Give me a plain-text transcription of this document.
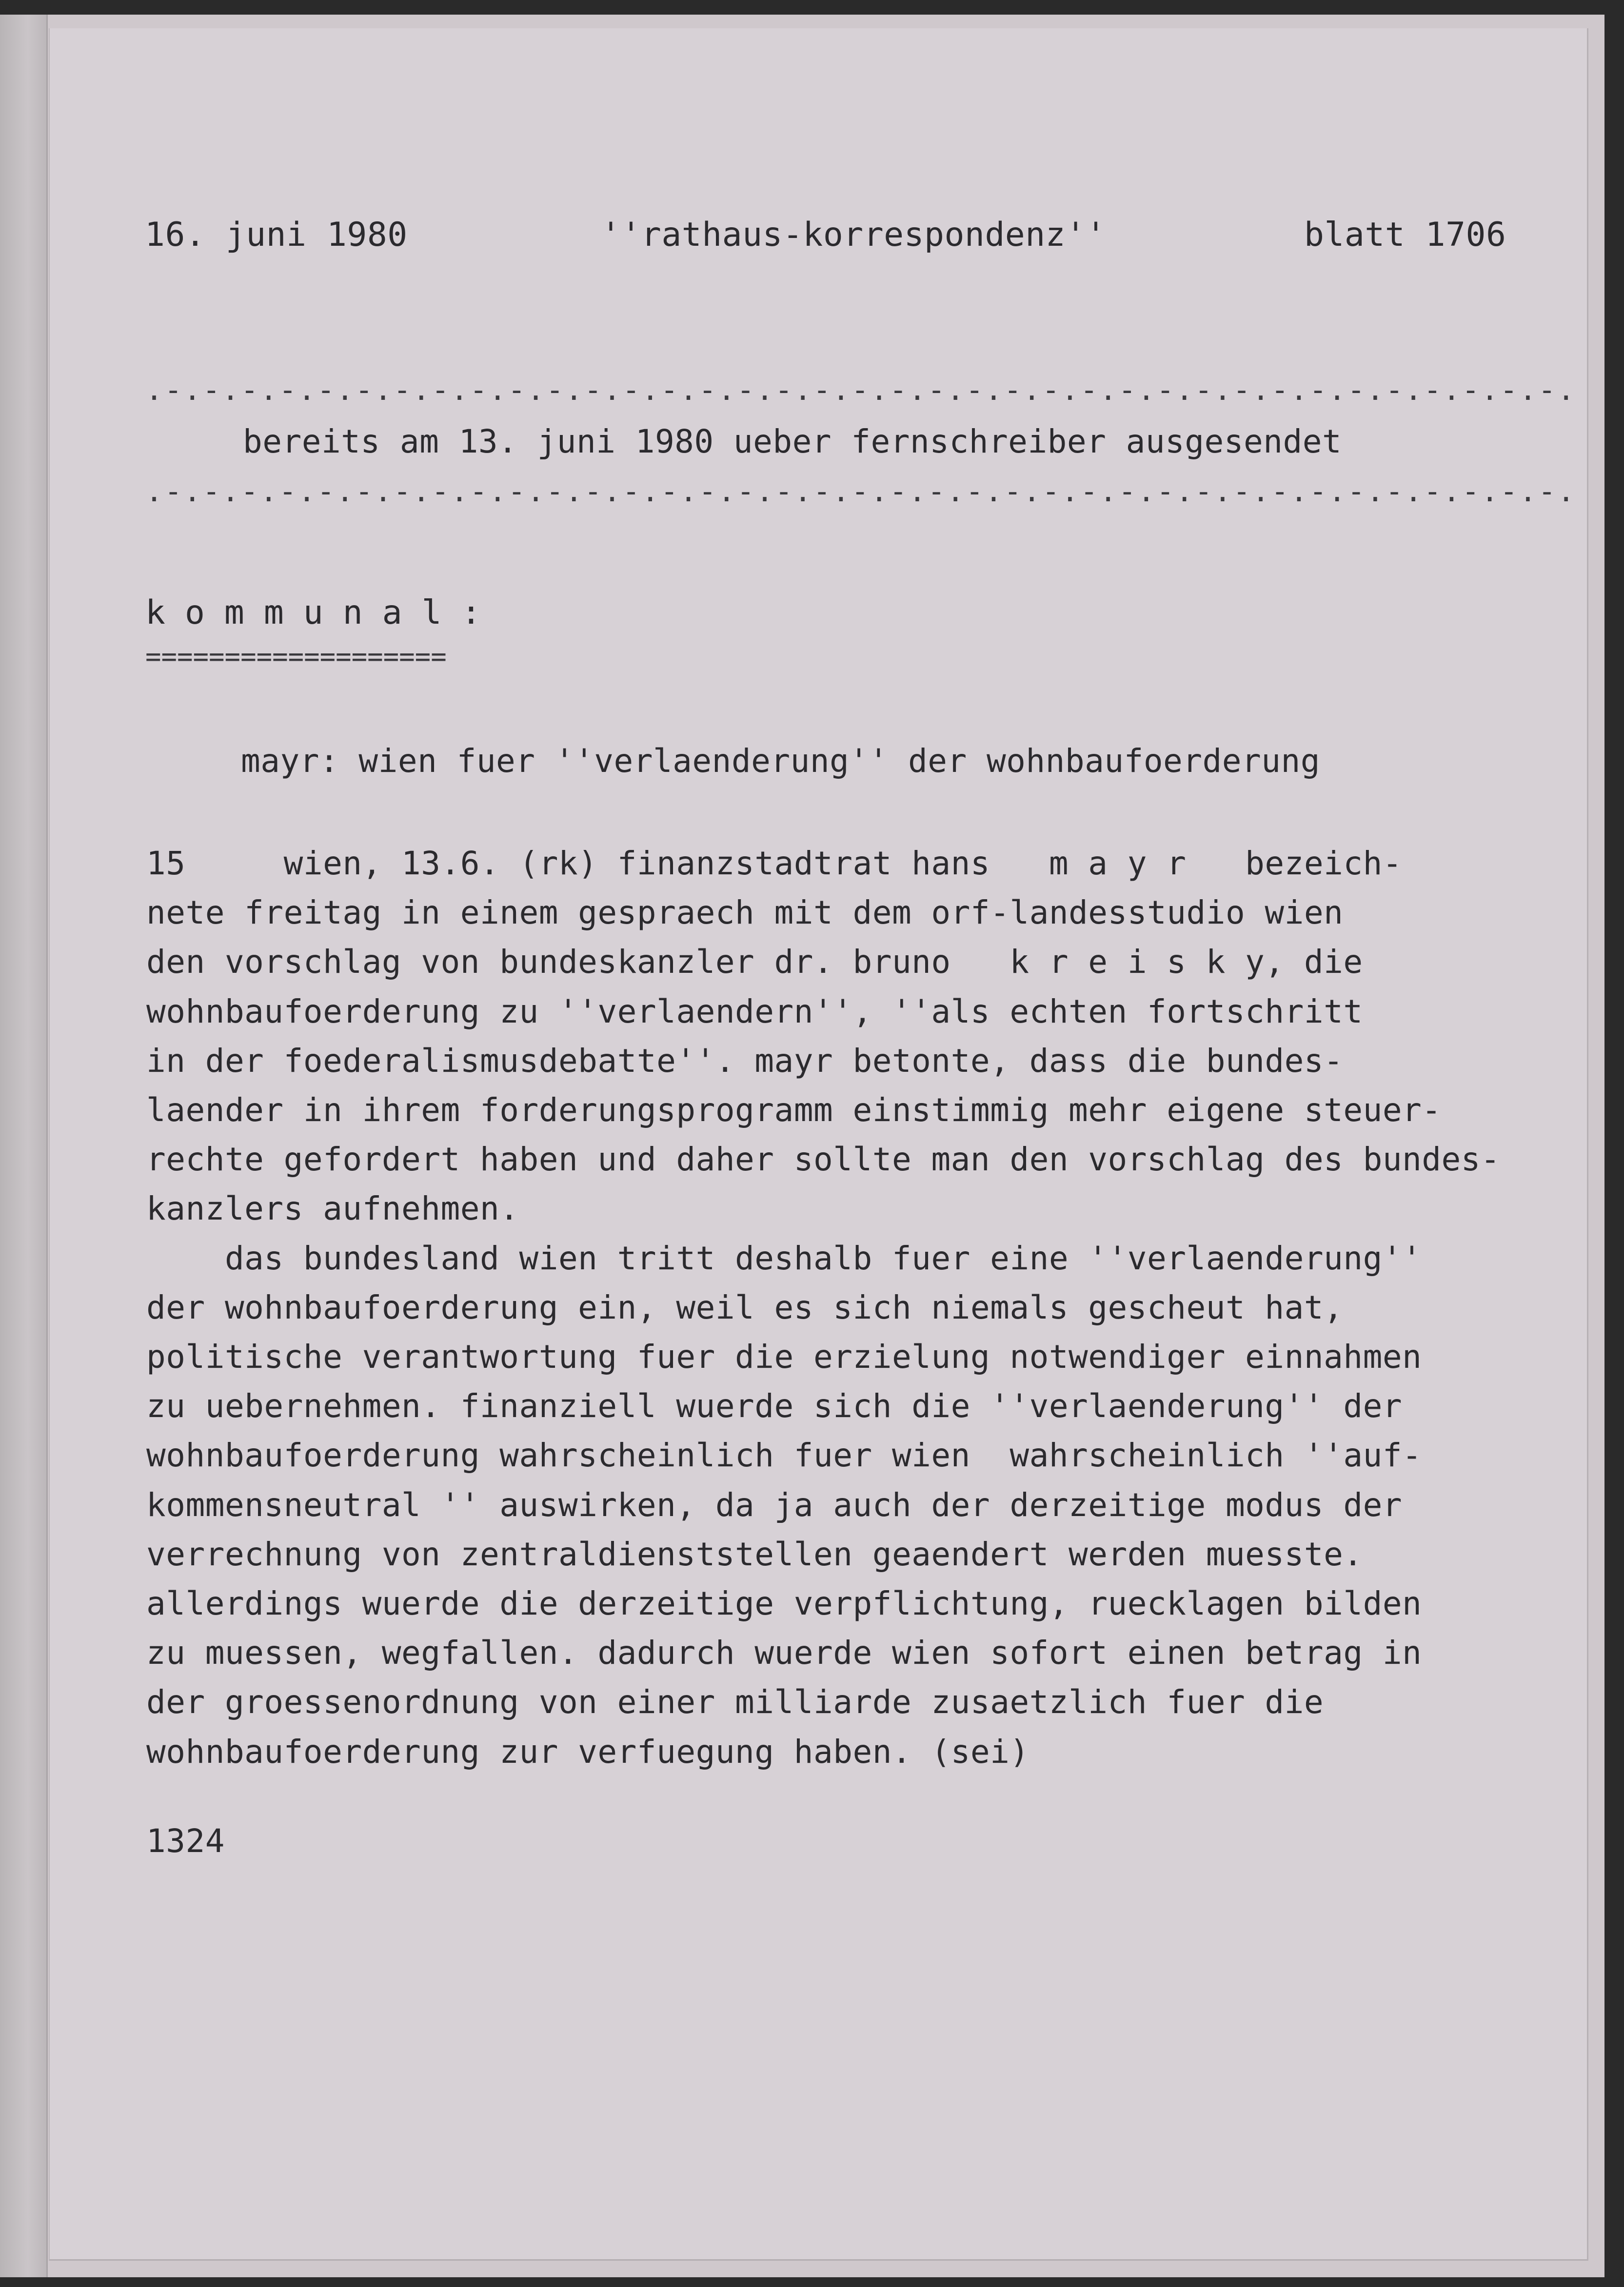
16. juni 1980	''rathaus-korrespondenz''	blatt 1706
.-.-.-.-.-.-.-.-.-.-.-.-.-.-.-.-.-.-.-.-.-.-.-.-.-.-.-.-.-.-.-.-.-.-.-.-.-.
bereits am 13. juni 1980 ueber fernschreiber ausgesendet
.-.-.-.-.-.-.-.-.-.-.-.-.-.-.-.-.-.-.-.-.-.-.-.-.-.-.-.-.-.-.-.-.-.-.-.-.-.
kommunal:
===================
mayr: wien fuer ''verlaenderung'' der wohnbaufoerderung
15     wien, 13.6. (rk) finanzstadtrat hans   m a y r   bezeich-
nete freitag in einem gespraech mit dem orf-landesstudio wien
den vorschlag von bundeskanzler dr. bruno   k r e i s k y, die
wohnbaufoerderung zu ''verlaendern'', ''als echten fortschritt
in der foederalismusdebatte''. mayr betonte, dass die bundes-
laender in ihrem forderungsprogramm einstimmig mehr eigene steuer-
rechte gefordert haben und daher sollte man den vorschlag des bundes-
kanzlers aufnehmen.
das bundesland wien tritt deshalb fuer eine ''verlaenderung''
der wohnbaufoerderung ein, weil es sich niemals gescheut hat,
politische verantwortung fuer die erzielung notwendiger einnahmen
zu uebernehmen. finanziell wuerde sich die ''verlaenderung'' der
wohnbaufoerderung wahrscheinlich fuer wien  wahrscheinlich ''auf-
kommensneutral '' auswirken, da ja auch der derzeitige modus der
verrechnung von zentraldienststellen geaendert werden muesste.
allerdings wuerde die derzeitige verpflichtung, ruecklagen bilden
zu muessen, wegfallen. dadurch wuerde wien sofort einen betrag in
der groessenordnung von einer milliarde zusaetzlich fuer die
wohnbaufoerderung zur verfuegung haben. (sei)
1324
